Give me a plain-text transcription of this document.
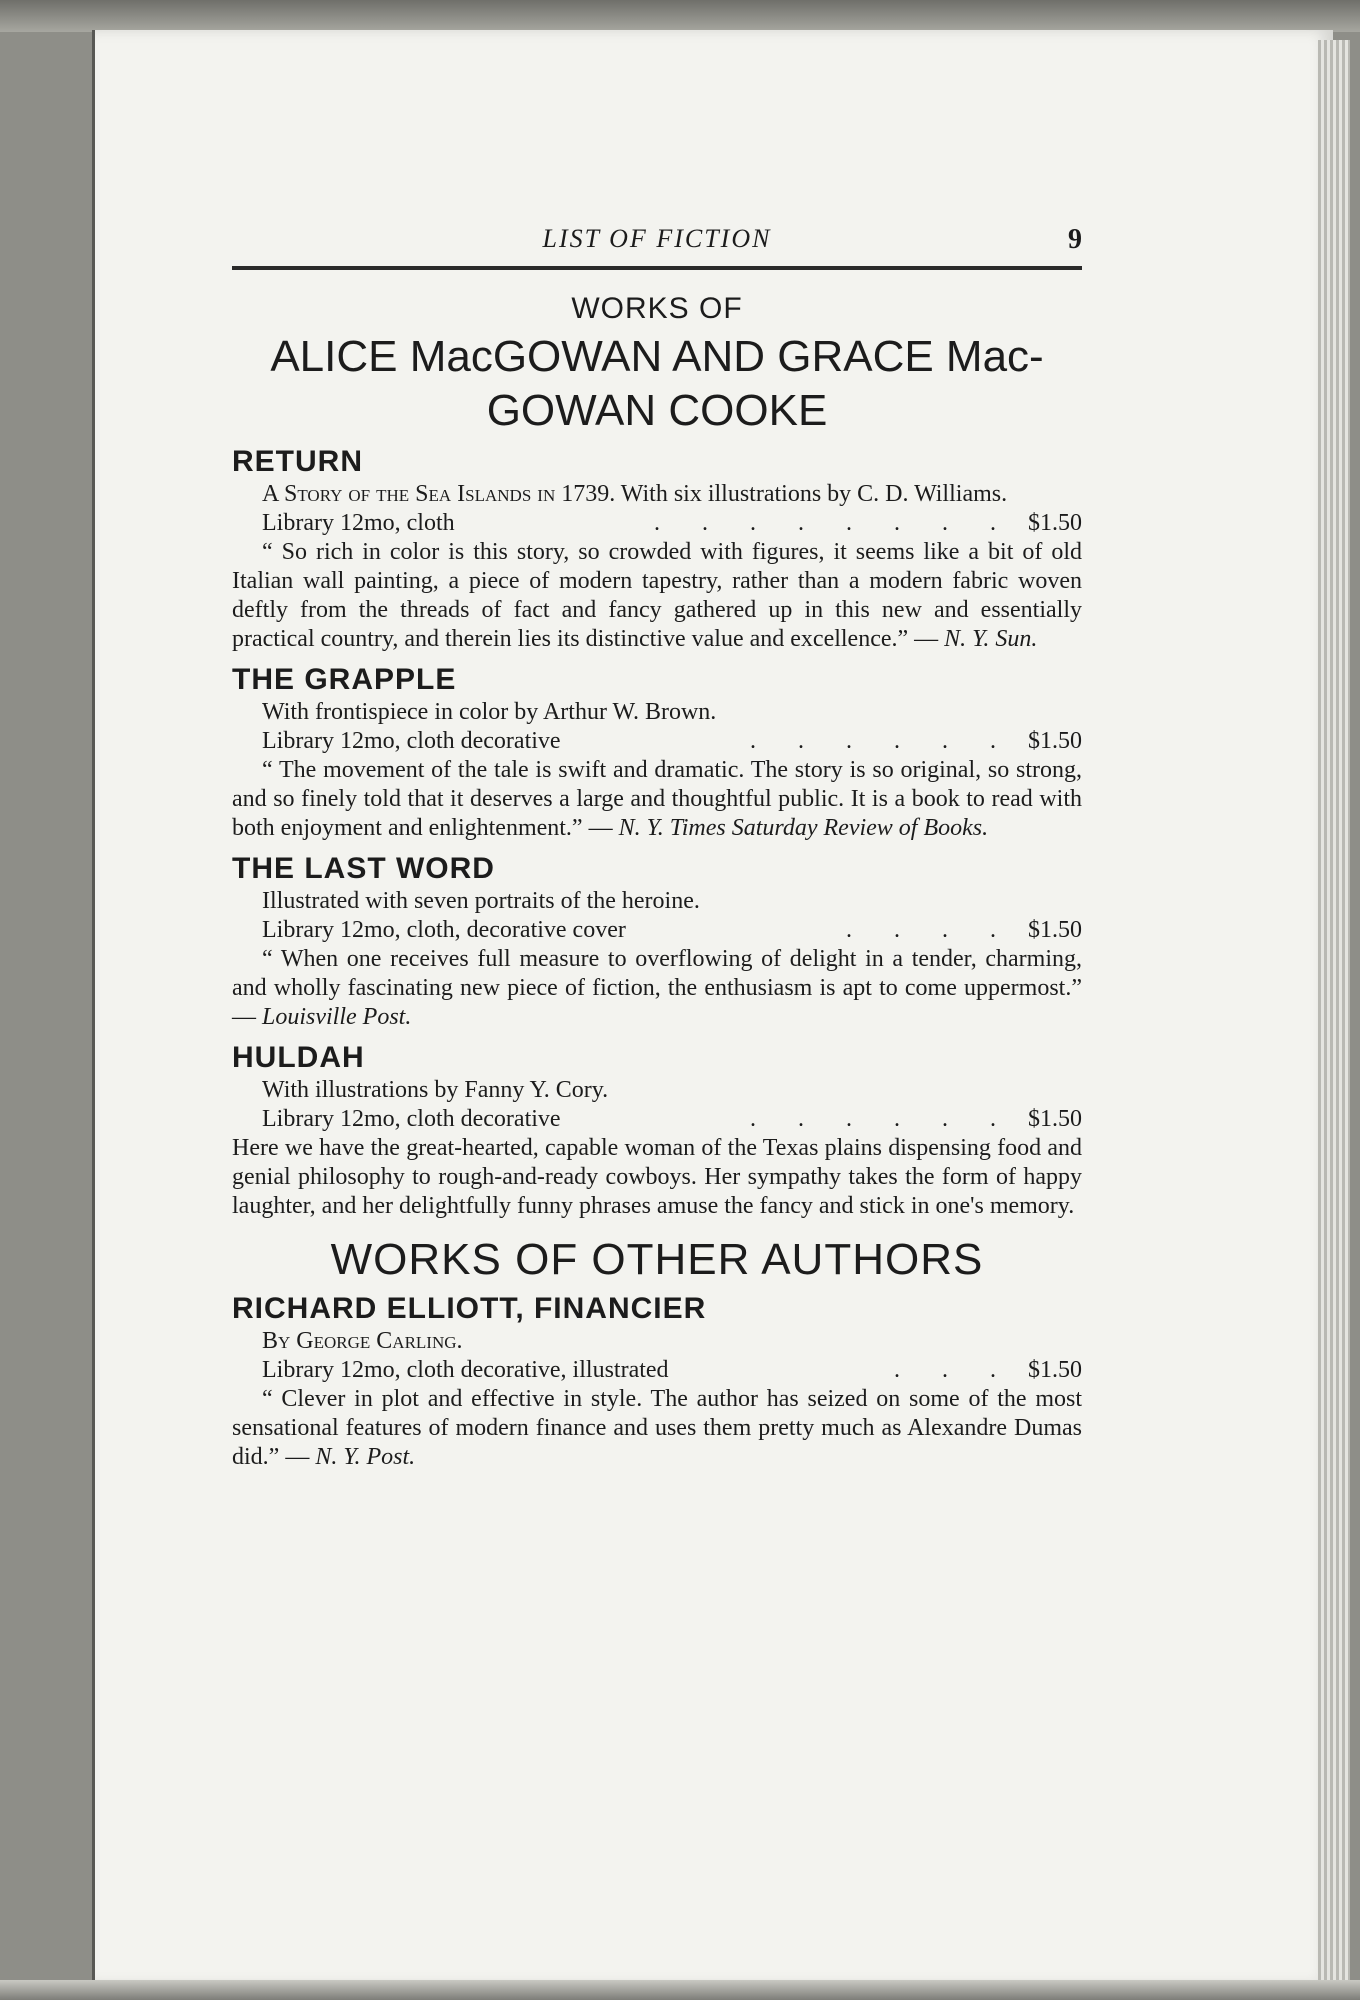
LIST OF FICTION	9
WORKS OF
ALICE MacGOWAN AND GRACE Mac-
GOWAN COOKE
RETURN
A Story of the Sea Islands in 1739. With six illustrations by C. D. Williams.
Library 12mo, cloth	. . . . . . . . $1.50

“ So rich in color is this story, so crowded with figures, it seems like a bit of old Italian wall painting, a piece of modern tapestry, rather than a modern fabric woven deftly from the threads of fact and fancy gathered up in this new and essentially practical country, and therein lies its distinctive value and excellence.” — N. Y. Sun.

THE GRAPPLE
With frontispiece in color by Arthur W. Brown.
Library 12mo, cloth decorative	. . . . . . $1.50

“ The movement of the tale is swift and dramatic. The story is so original, so strong, and so finely told that it deserves a large and thoughtful public. It is a book to read with both enjoyment and enlightenment.” — N. Y. Times Saturday Review of Books.

THE LAST WORD
Illustrated with seven portraits of the heroine.
Library 12mo, cloth, decorative cover	. . . . $1.50

“ When one receives full measure to overflowing of delight in a tender, charming, and wholly fascinating new piece of fiction, the enthusiasm is apt to come uppermost.” — Louisville Post.

HULDAH
With illustrations by Fanny Y. Cory.
Library 12mo, cloth decorative	. . . . . . $1.50

Here we have the great-hearted, capable woman of the Texas plains dispensing food and genial philosophy to rough-and-ready cowboys. Her sympathy takes the form of happy laughter, and her delightfully funny phrases amuse the fancy and stick in one's memory.

WORKS OF OTHER AUTHORS
RICHARD ELLIOTT, FINANCIER
By George Carling.
Library 12mo, cloth decorative, illustrated	. . . $1.50

“ Clever in plot and effective in style. The author has seized on some of the most sensational features of modern finance and uses them pretty much as Alexandre Dumas did.” — N. Y. Post.
